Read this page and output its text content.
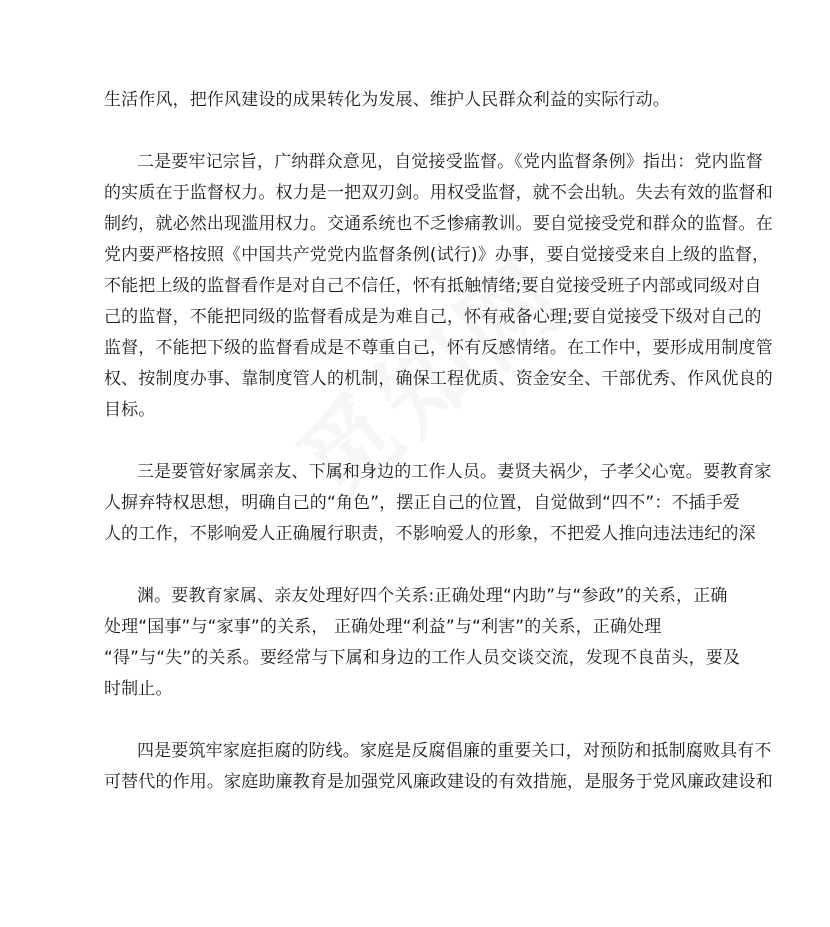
生活作风，把作风建设的成果转化为发展、维护人民群众利益的实际行动。
二是要牢记宗旨，广纳群众意见，自觉接受监督。《党内监督条例》指出：党内监督
的实质在于监督权力。权力是一把双刃剑。用权受监督，就不会出轨。失去有效的监督和
制约，就必然出现滥用权力。交通系统也不乏惨痛教训。要自觉接受党和群众的监督。在
党内要严格按照《中国共产党党内监督条例(试行)》办事，要自觉接受来自上级的监督，
不能把上级的监督看作是对自己不信任，怀有抵触情绪;要自觉接受班子内部或同级对自
己的监督，不能把同级的监督看成是为难自己，怀有戒备心理;要自觉接受下级对自己的
监督，不能把下级的监督看成是不尊重自己，怀有反感情绪。在工作中，要形成用制度管
权、按制度办事、靠制度管人的机制，确保工程优质、资金安全、干部优秀、作风优良的
目标。
三是要管好家属亲友、下属和身边的工作人员。妻贤夫祸少，子孝父心宽。要教育家
人摒弃特权思想，明确自己的“角色”，摆正自己的位置，自觉做到“四不”：不插手爱
人的工作，不影响爱人正确履行职责，不影响爱人的形象，不把爱人推向违法违纪的深
渊。要教育家属、亲友处理好四个关系:正确处理“内助”与“参政”的关系，正确
处理“国事”与“家事”的关系， 正确处理“利益”与“利害”的关系，正确处理
“得”与“失”的关系。要经常与下属和身边的工作人员交谈交流，发现不良苗头，要及
时制止。
四是要筑牢家庭拒腐的防线。家庭是反腐倡廉的重要关口，对预防和抵制腐败具有不
可替代的作用。家庭助廉教育是加强党风廉政建设的有效措施，是服务于党风廉政建设和
